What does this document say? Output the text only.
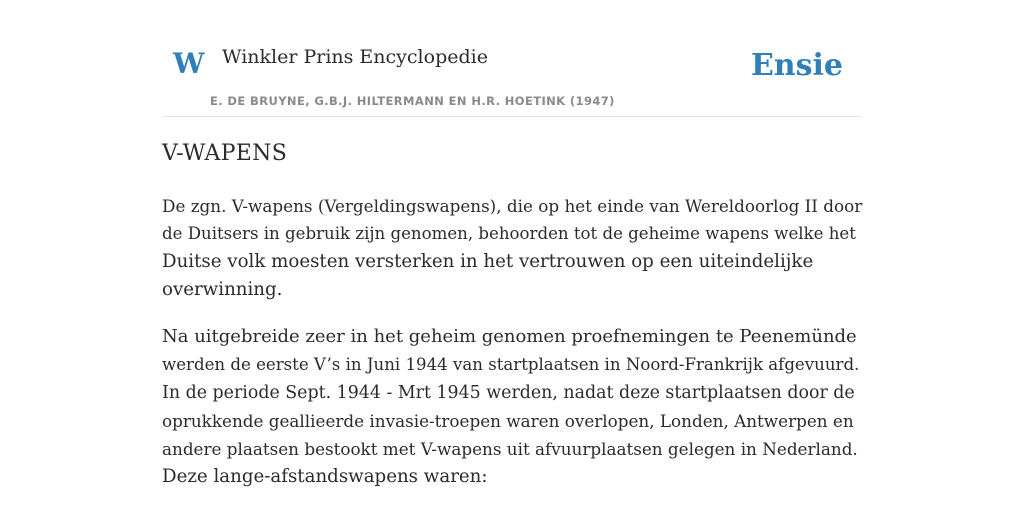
W Winkler Prins Encyclopedie
E. DE BRUYNE, G.B.J. HILTERMANN EN H.R. HOETINK (1947)
Ensie
V-WAPENS

De zgn. V-wapens (Vergeldingswapens), die op het einde van Wereldoorlog II door
de Duitsers in gebruik zijn genomen, behoorden tot de geheime wapens welke het
Duitse volk moesten versterken in het vertrouwen op een uiteindelijke
overwinning.

Na uitgebreide zeer in het geheim genomen proefnemingen te Peenemünde
werden de eerste V’s in Juni 1944 van startplaatsen in Noord-Frankrijk afgevuurd.
In de periode Sept. 1944 - Mrt 1945 werden, nadat deze startplaatsen door de
oprukkende geallieerde invasie-troepen waren overlopen, Londen, Antwerpen en
andere plaatsen bestookt met V-wapens uit afvuurplaatsen gelegen in Nederland.
Deze lange-afstandswapens waren:
